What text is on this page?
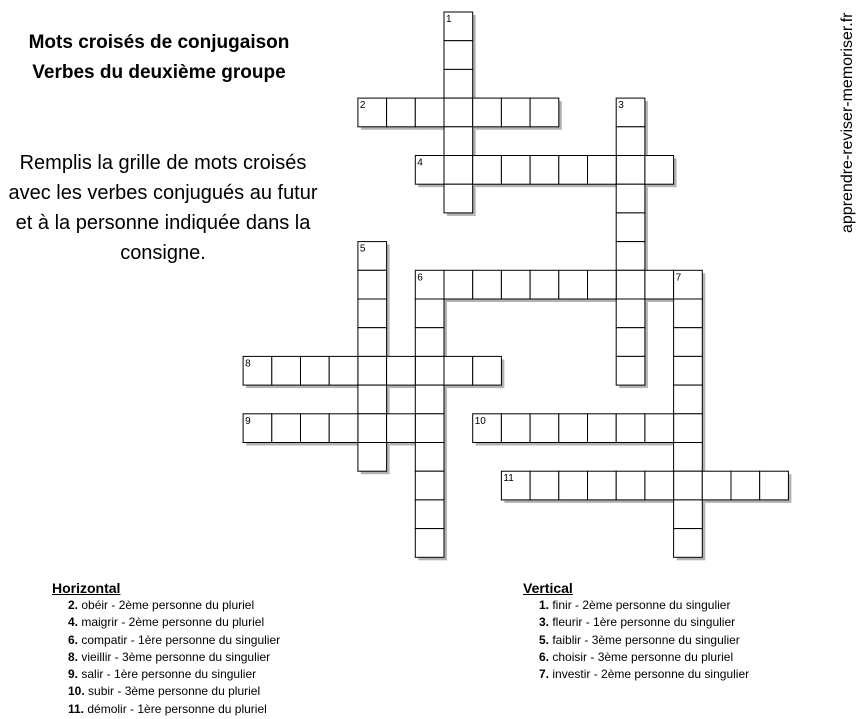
Mots croisés de conjugaison
Verbes du deuxième groupe
Remplis la grille de mots croisés avec les verbes conjugués au futur et à la personne indiquée dans la consigne.
apprendre-reviser-memoriser.fr
1
2	3
4
5
6	7
8
9	10
11
Horizontal
2. obéir - 2ème personne du pluriel
4. maigrir - 2ème personne du pluriel
6. compatir - 1ère personne du singulier
8. vieillir - 3ème personne du singulier
9. salir - 1ère personne du singulier
10. subir - 3ème personne du pluriel
11. démolir - 1ère personne du pluriel
Vertical
1. finir - 2ème personne du singulier
3. fleurir - 1ère personne du singulier
5. faiblir - 3ème personne du singulier
6. choisir - 3ème personne du pluriel
7. investir - 2ème personne du singulier
